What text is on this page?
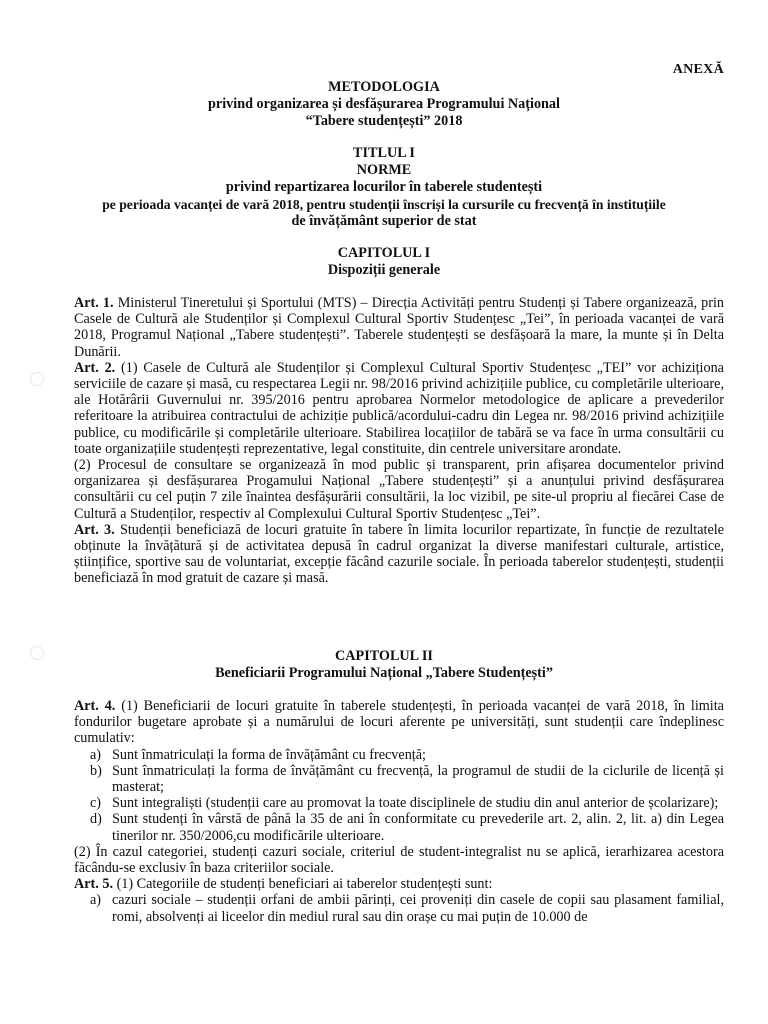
ANEXĂ
METODOLOGIA
privind organizarea și desfășurarea Programului Național
“Tabere studențești” 2018
TITLUL I
NORME
privind repartizarea locurilor în taberele studentești
pe perioada vacanței de vară 2018, pentru studenții înscriși la cursurile cu frecvență în instituțiile
de învățământ superior de stat
CAPITOLUL I
Dispoziții generale

Art. 1. Ministerul Tineretului și Sportului (MTS) – Direcția Activități pentru Studenți și Tabere organizează, prin Casele de Cultură ale Studenților și Complexul Cultural Sportiv Studențesc „Tei”, în perioada vacanței de vară 2018, Programul Național „Tabere studențești”. Taberele studențești se desfășoară la mare, la munte și în Delta Dunării.

Art. 2. (1) Casele de Cultură ale Studenților și Complexul Cultural Sportiv Studențesc „TEI” vor achiziționa serviciile de cazare și masă, cu respectarea Legii nr. 98/2016 privind achizițiile publice, cu completările ulterioare, ale Hotărârii Guvernului nr. 395/2016 pentru aprobarea Normelor metodologice de aplicare a prevederilor referitoare la atribuirea contractului de achiziție publică/acordului-cadru din Legea nr. 98/2016 privind achizițiile publice, cu modificările și completările ulterioare. Stabilirea locațiilor de tabără se va face în urma consultării cu toate organizațiile studențești reprezentative, legal constituite, din centrele universitare arondate.

(2) Procesul de consultare se organizează în mod public și transparent, prin afișarea documentelor privind organizarea și desfășurarea Progamului Național „Tabere studențești” și a anunțului privind desfășurarea consultării cu cel puțin 7 zile înaintea desfășurării consultării, la loc vizibil, pe site-ul propriu al fiecărei Case de Cultură a Studenților, respectiv al Complexului Cultural Sportiv Studențesc „Tei”.

Art. 3. Studenții beneficiază de locuri gratuite în tabere în limita locurilor repartizate, în funcție de rezultatele obținute la învățătură și de activitatea depusă în cadrul organizat la diverse manifestari culturale, artistice, științifice, sportive sau de voluntariat, excepție făcând cazurile sociale. În perioada taberelor studențești, studenții beneficiază în mod gratuit de cazare și masă.

CAPITOLUL II
Beneficiarii Programului Național „Tabere Studențești”

Art. 4. (1) Beneficiarii de locuri gratuite în taberele studențești, în perioada vacanței de vară 2018, în limita fondurilor bugetare aprobate și a numărului de locuri aferente pe universități, sunt studenții care îndeplinesc cumulativ:

a) Sunt înmatriculați la forma de învățământ cu frecvență;
b) Sunt înmatriculați la forma de învățământ cu frecvență, la programul de studii de la ciclurile de licență și masterat;
c) Sunt integraliști (studenții care au promovat la toate disciplinele de studiu din anul anterior de școlarizare);
d) Sunt studenți în vârstă de până la 35 de ani în conformitate cu prevederile art. 2, alin. 2, lit. a) din Legea tinerilor nr. 350/2006,cu modificările ulterioare.

(2) În cazul categoriei, studenți cazuri sociale, criteriul de student-integralist nu se aplică, ierarhizarea acestora făcându-se exclusiv în baza criteriilor sociale.

Art. 5. (1) Categoriile de studenți beneficiari ai taberelor studențești sunt:

a) cazuri sociale – studenții orfani de ambii părinți, cei proveniți din casele de copii sau plasament familial, romi, absolvenți ai liceelor din mediul rural sau din orașe cu mai puțin de 10.000 de
